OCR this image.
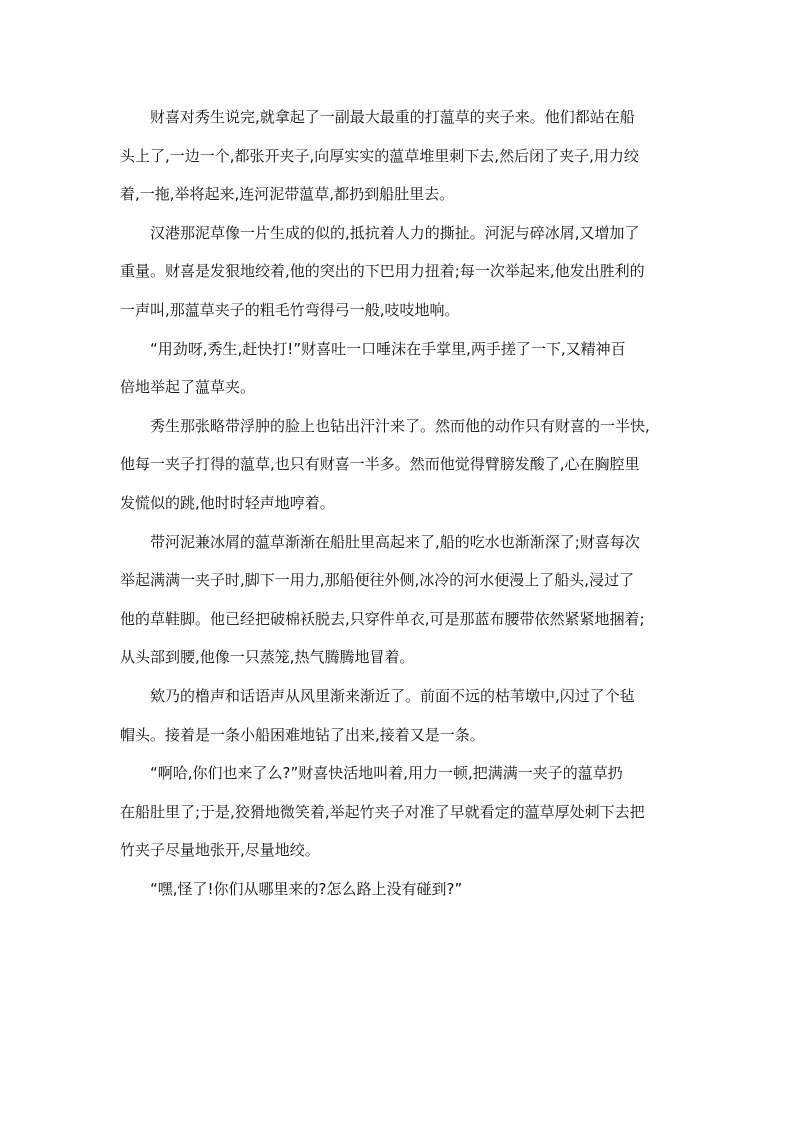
财喜对秀生说完,就拿起了一副最大最重的打蕰草的夹子来。他们都站在船
头上了,一边一个,都张开夹子,向厚实实的蕰草堆里刺下去,然后闭了夹子,用力绞
着,一拖,举将起来,连河泥带蕰草,都扔到船肚里去。
汉港那泥草像一片生成的似的,抵抗着人力的撕扯。河泥与碎冰屑,又增加了
重量。财喜是发狠地绞着,他的突出的下巴用力扭着;每一次举起来,他发出胜利的
一声叫,那蕰草夹子的粗毛竹弯得弓一般,吱吱地响。
“用劲呀,秀生,赶快打!”财喜吐一口唾沫在手掌里,两手搓了一下,又精神百
倍地举起了蕰草夹。
秀生那张略带浮肿的脸上也钻出汗汁来了。然而他的动作只有财喜的一半快,
他每一夹子打得的蕰草,也只有财喜一半多。然而他觉得臂膀发酸了,心在胸腔里
发慌似的跳,他时时轻声地哼着。
带河泥兼冰屑的蕰草渐渐在船肚里高起来了,船的吃水也渐渐深了;财喜每次
举起满满一夹子时,脚下一用力,那船便往外侧,冰冷的河水便漫上了船头,浸过了
他的草鞋脚。他已经把破棉袄脱去,只穿件单衣,可是那蓝布腰带依然紧紧地捆着;
从头部到腰,他像一只蒸笼,热气腾腾地冒着。
欸乃的橹声和话语声从风里渐来渐近了。前面不远的枯苇墩中,闪过了个毡
帽头。接着是一条小船困难地钻了出来,接着又是一条。
“啊哈,你们也来了么?”财喜快活地叫着,用力一顿,把满满一夹子的蕰草扔
在船肚里了;于是,狡猾地微笑着,举起竹夹子对准了早就看定的蕰草厚处刺下去把
竹夹子尽量地张开,尽量地绞。
“嘿,怪了!你们从哪里来的?怎么路上没有碰到?”
